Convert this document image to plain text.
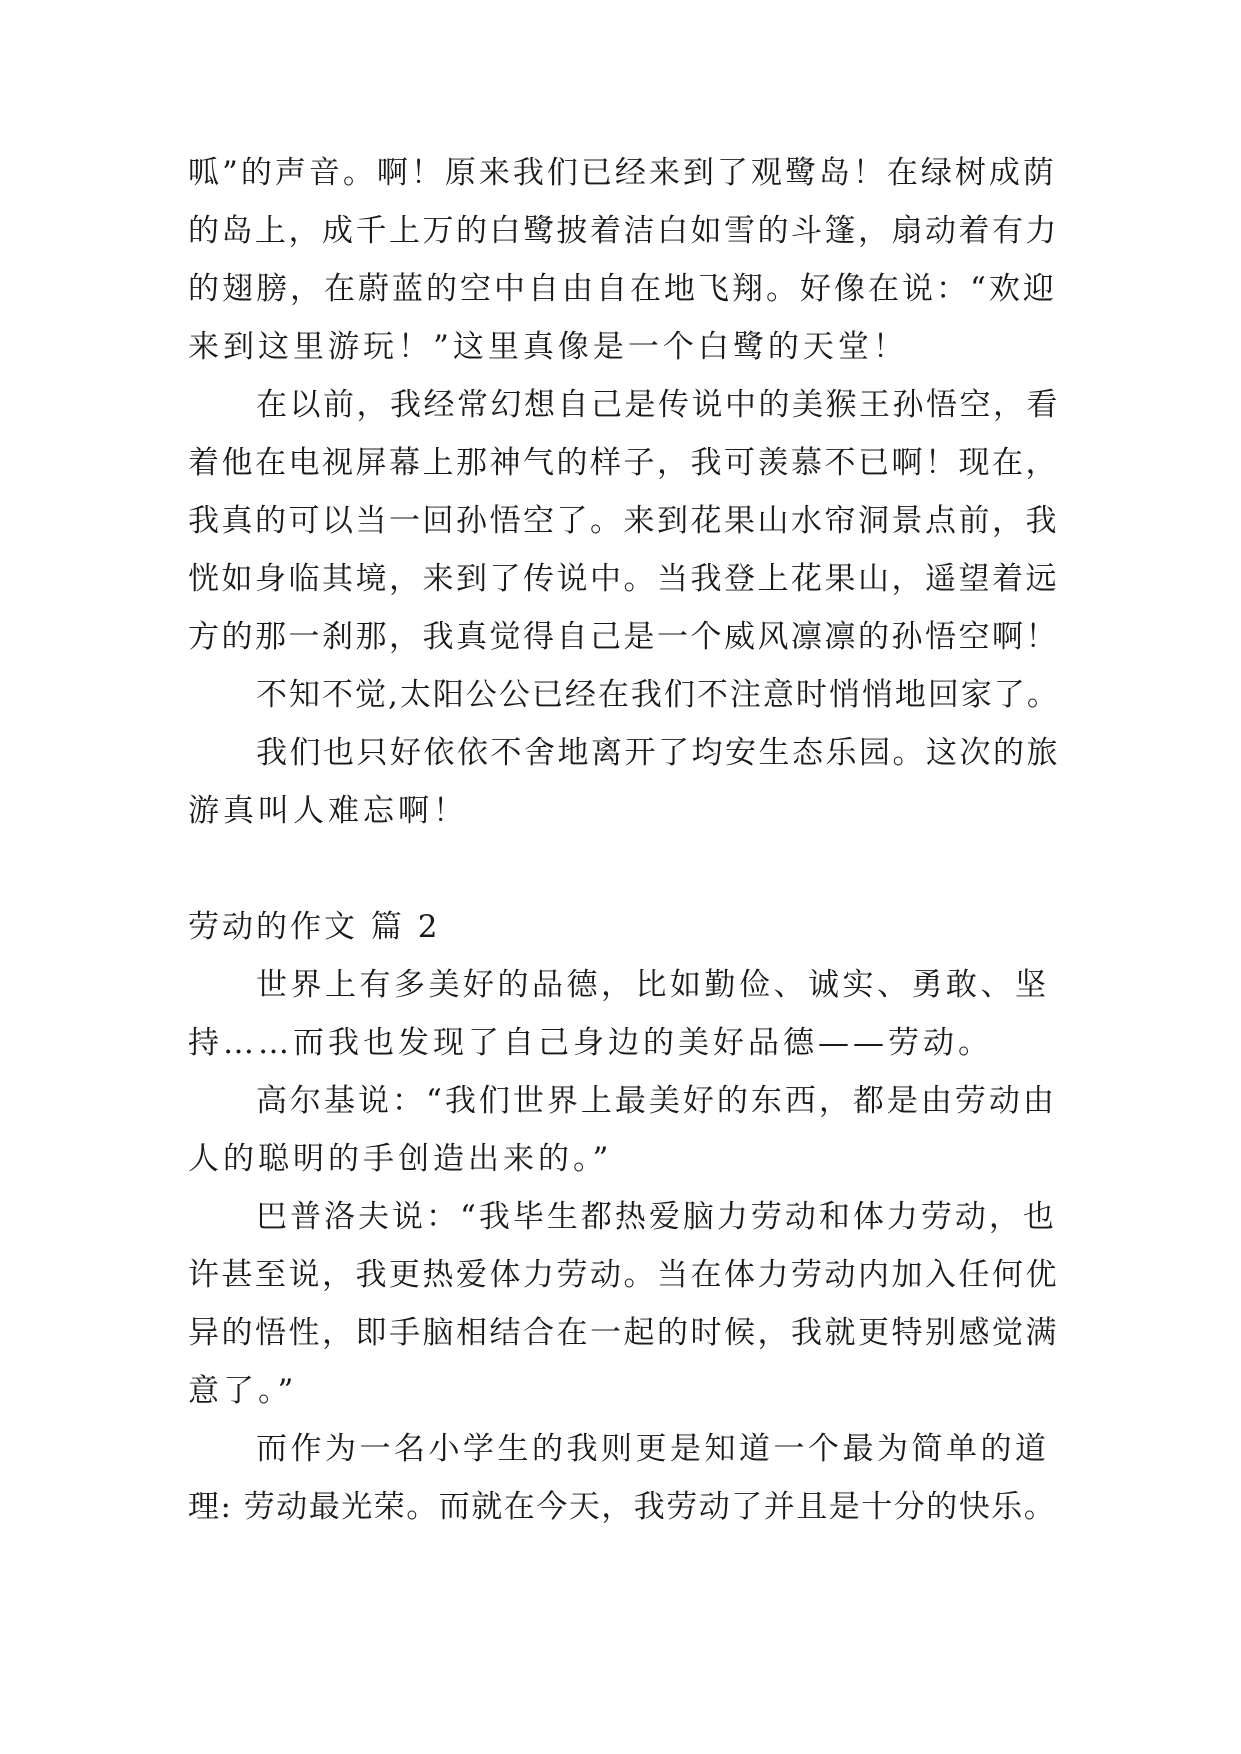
呱”的声音。啊！原来我们已经来到了观鹭岛！在绿树成荫
的岛上，成千上万的白鹭披着洁白如雪的斗篷，扇动着有力
的翅膀，在蔚蓝的空中自由自在地飞翔。好像在说：“欢迎
来到这里游玩！”这里真像是一个白鹭的天堂！
在以前，我经常幻想自己是传说中的美猴王孙悟空，看
着他在电视屏幕上那神气的样子，我可羡慕不已啊！现在，
我真的可以当一回孙悟空了。来到花果山水帘洞景点前，我
恍如身临其境，来到了传说中。当我登上花果山，遥望着远
方的那一刹那，我真觉得自己是一个威风凛凛的孙悟空啊！
不知不觉,太阳公公已经在我们不注意时悄悄地回家了。
我们也只好依依不舍地离开了均安生态乐园。这次的旅
游真叫人难忘啊！
劳动的作文 篇 2
世界上有多美好的品德，比如勤俭、诚实、勇敢、坚
持……而我也发现了自己身边的美好品德——劳动。
高尔基说：“我们世界上最美好的东西，都是由劳动由
人的聪明的手创造出来的。”
巴普洛夫说：“我毕生都热爱脑力劳动和体力劳动，也
许甚至说，我更热爱体力劳动。当在体力劳动内加入任何优
异的悟性，即手脑相结合在一起的时候，我就更特别感觉满
意了。”
而作为一名小学生的我则更是知道一个最为简单的道
理: 劳动最光荣。而就在今天，我劳动了并且是十分的快乐。
